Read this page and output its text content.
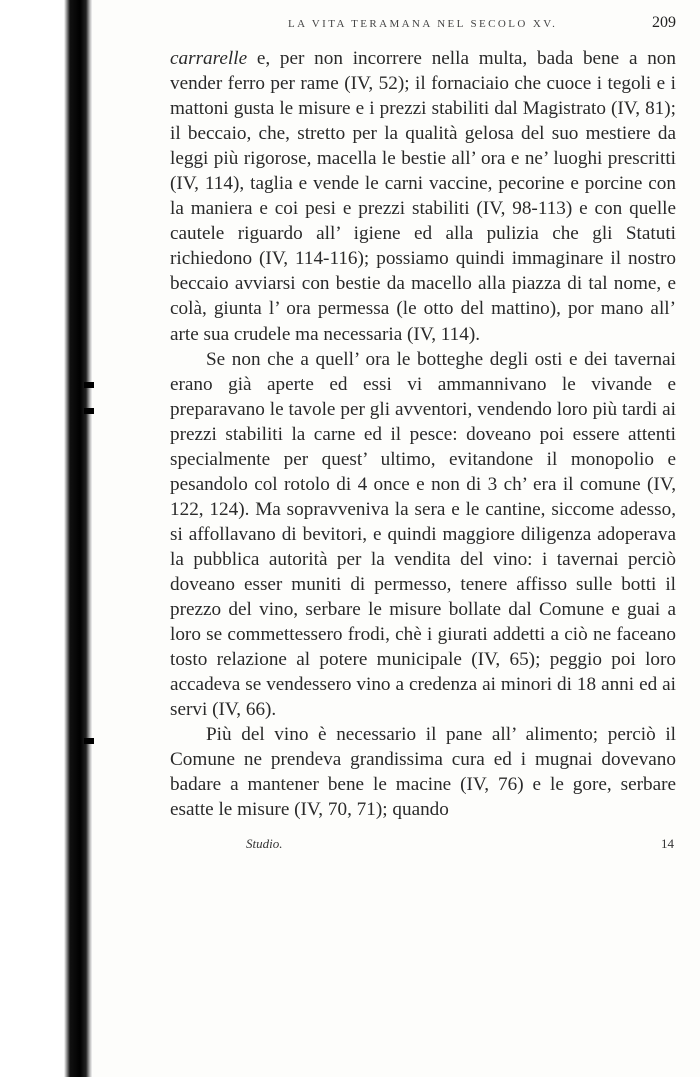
LA VITA TERAMANA NEL SECOLO XV.	209

carrarelle e, per non incorrere nella multa, bada bene a non vender ferro per rame (IV, 52); il fornaciaio che cuoce i tegoli e i mattoni gusta le misure e i prezzi stabiliti dal Magistrato (IV, 81); il beccaio, che, stretto per la qualità gelosa del suo mestiere da leggi più rigorose, macella le bestie all’ ora e ne’ luoghi prescritti (IV, 114), taglia e vende le carni vaccine, pecorine e porcine con la maniera e coi pesi e prezzi stabiliti (IV, 98-113) e con quelle cautele riguardo all’ igiene ed alla pulizia che gli Statuti richiedono (IV, 114-116); possiamo quindi immaginare il nostro beccaio avviarsi con bestie da macello alla piazza di tal nome, e colà, giunta l’ ora permessa (le otto del mattino), por mano all’ arte sua crudele ma necessaria (IV, 114).

Se non che a quell’ ora le botteghe degli osti e dei tavernai erano già aperte ed essi vi ammannivano le vivande e preparavano le tavole per gli avventori, vendendo loro più tardi ai prezzi stabiliti la carne ed il pesce: doveano poi essere attenti specialmente per quest’ ultimo, evitandone il monopolio e pesandolo col rotolo di 4 once e non di 3 ch’ era il comune (IV, 122, 124). Ma sopravveniva la sera e le cantine, siccome adesso, si affollavano di bevitori, e quindi maggiore diligenza adoperava la pubblica autorità per la vendita del vino: i tavernai perciò doveano esser muniti di permesso, tenere affisso sulle botti il prezzo del vino, serbare le misure bollate dal Comune e guai a loro se commettessero frodi, chè i giurati addetti a ciò ne faceano tosto relazione al potere municipale (IV, 65); peggio poi loro accadeva se vendessero vino a credenza ai minori di 18 anni ed ai servi (IV, 66).

Più del vino è necessario il pane all’ alimento; perciò il Comune ne prendeva grandissima cura ed i mugnai dovevano badare a mantener bene le macine (IV, 76) e le gore, serbare esatte le misure (IV, 70, 71); quando

Studio.	14
